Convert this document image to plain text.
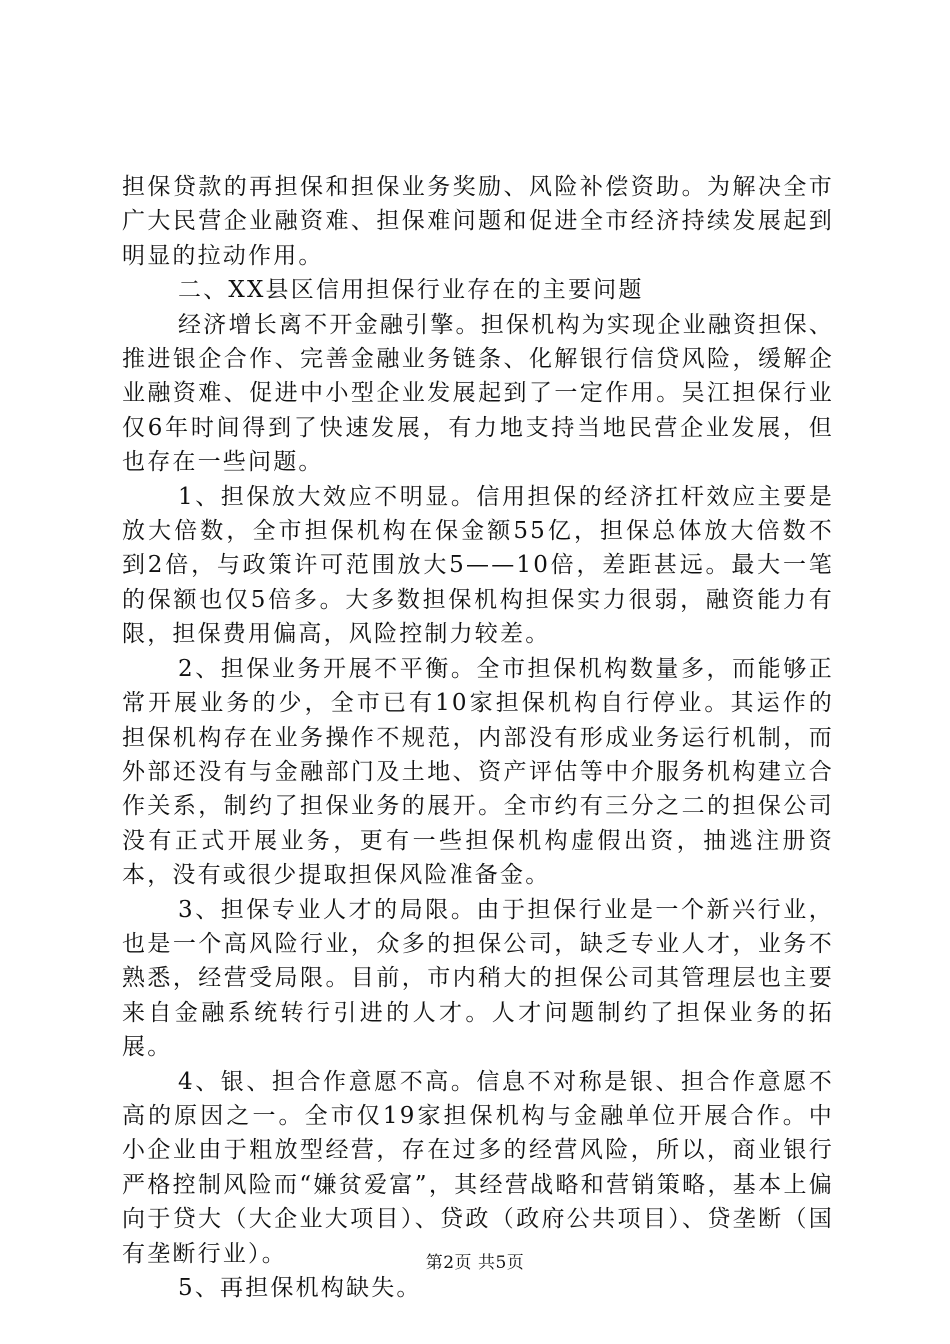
担保贷款的再担保和担保业务奖励、风险补偿资助。为解决全市广大民营企业融资难、担保难问题和促进全市经济持续发展起到明显的拉动作用。

二、XX县区信用担保行业存在的主要问题

经济增长离不开金融引擎。担保机构为实现企业融资担保、推进银企合作、完善金融业务链条、化解银行信贷风险，缓解企业融资难、促进中小型企业发展起到了一定作用。吴江担保行业仅6年时间得到了快速发展，有力地支持当地民营企业发展，但也存在一些问题。

1、担保放大效应不明显。信用担保的经济扛杆效应主要是放大倍数，全市担保机构在保金额55亿，担保总体放大倍数不到2倍，与政策许可范围放大5——10倍，差距甚远。最大一笔的保额也仅5倍多。大多数担保机构担保实力很弱，融资能力有限，担保费用偏高，风险控制力较差。

2、担保业务开展不平衡。全市担保机构数量多，而能够正常开展业务的少，全市已有10家担保机构自行停业。其运作的担保机构存在业务操作不规范，内部没有形成业务运行机制，而外部还没有与金融部门及土地、资产评估等中介服务机构建立合作关系，制约了担保业务的展开。全市约有三分之二的担保公司没有正式开展业务，更有一些担保机构虚假出资，抽逃注册资本，没有或很少提取担保风险准备金。

3、担保专业人才的局限。由于担保行业是一个新兴行业，也是一个高风险行业，众多的担保公司，缺乏专业人才，业务不熟悉，经营受局限。目前，市内稍大的担保公司其管理层也主要来自金融系统转行引进的人才。人才问题制约了担保业务的拓展。

4、银、担合作意愿不高。信息不对称是银、担合作意愿不高的原因之一。全市仅19家担保机构与金融单位开展合作。中小企业由于粗放型经营，存在过多的经营风险，所以，商业银行严格控制风险而“嫌贫爱富”，其经营战略和营销策略，基本上偏向于贷大（大企业大项目）、贷政（政府公共项目）、贷垄断（国有垄断行业）。

5、再担保机构缺失。

第2页 共5页
